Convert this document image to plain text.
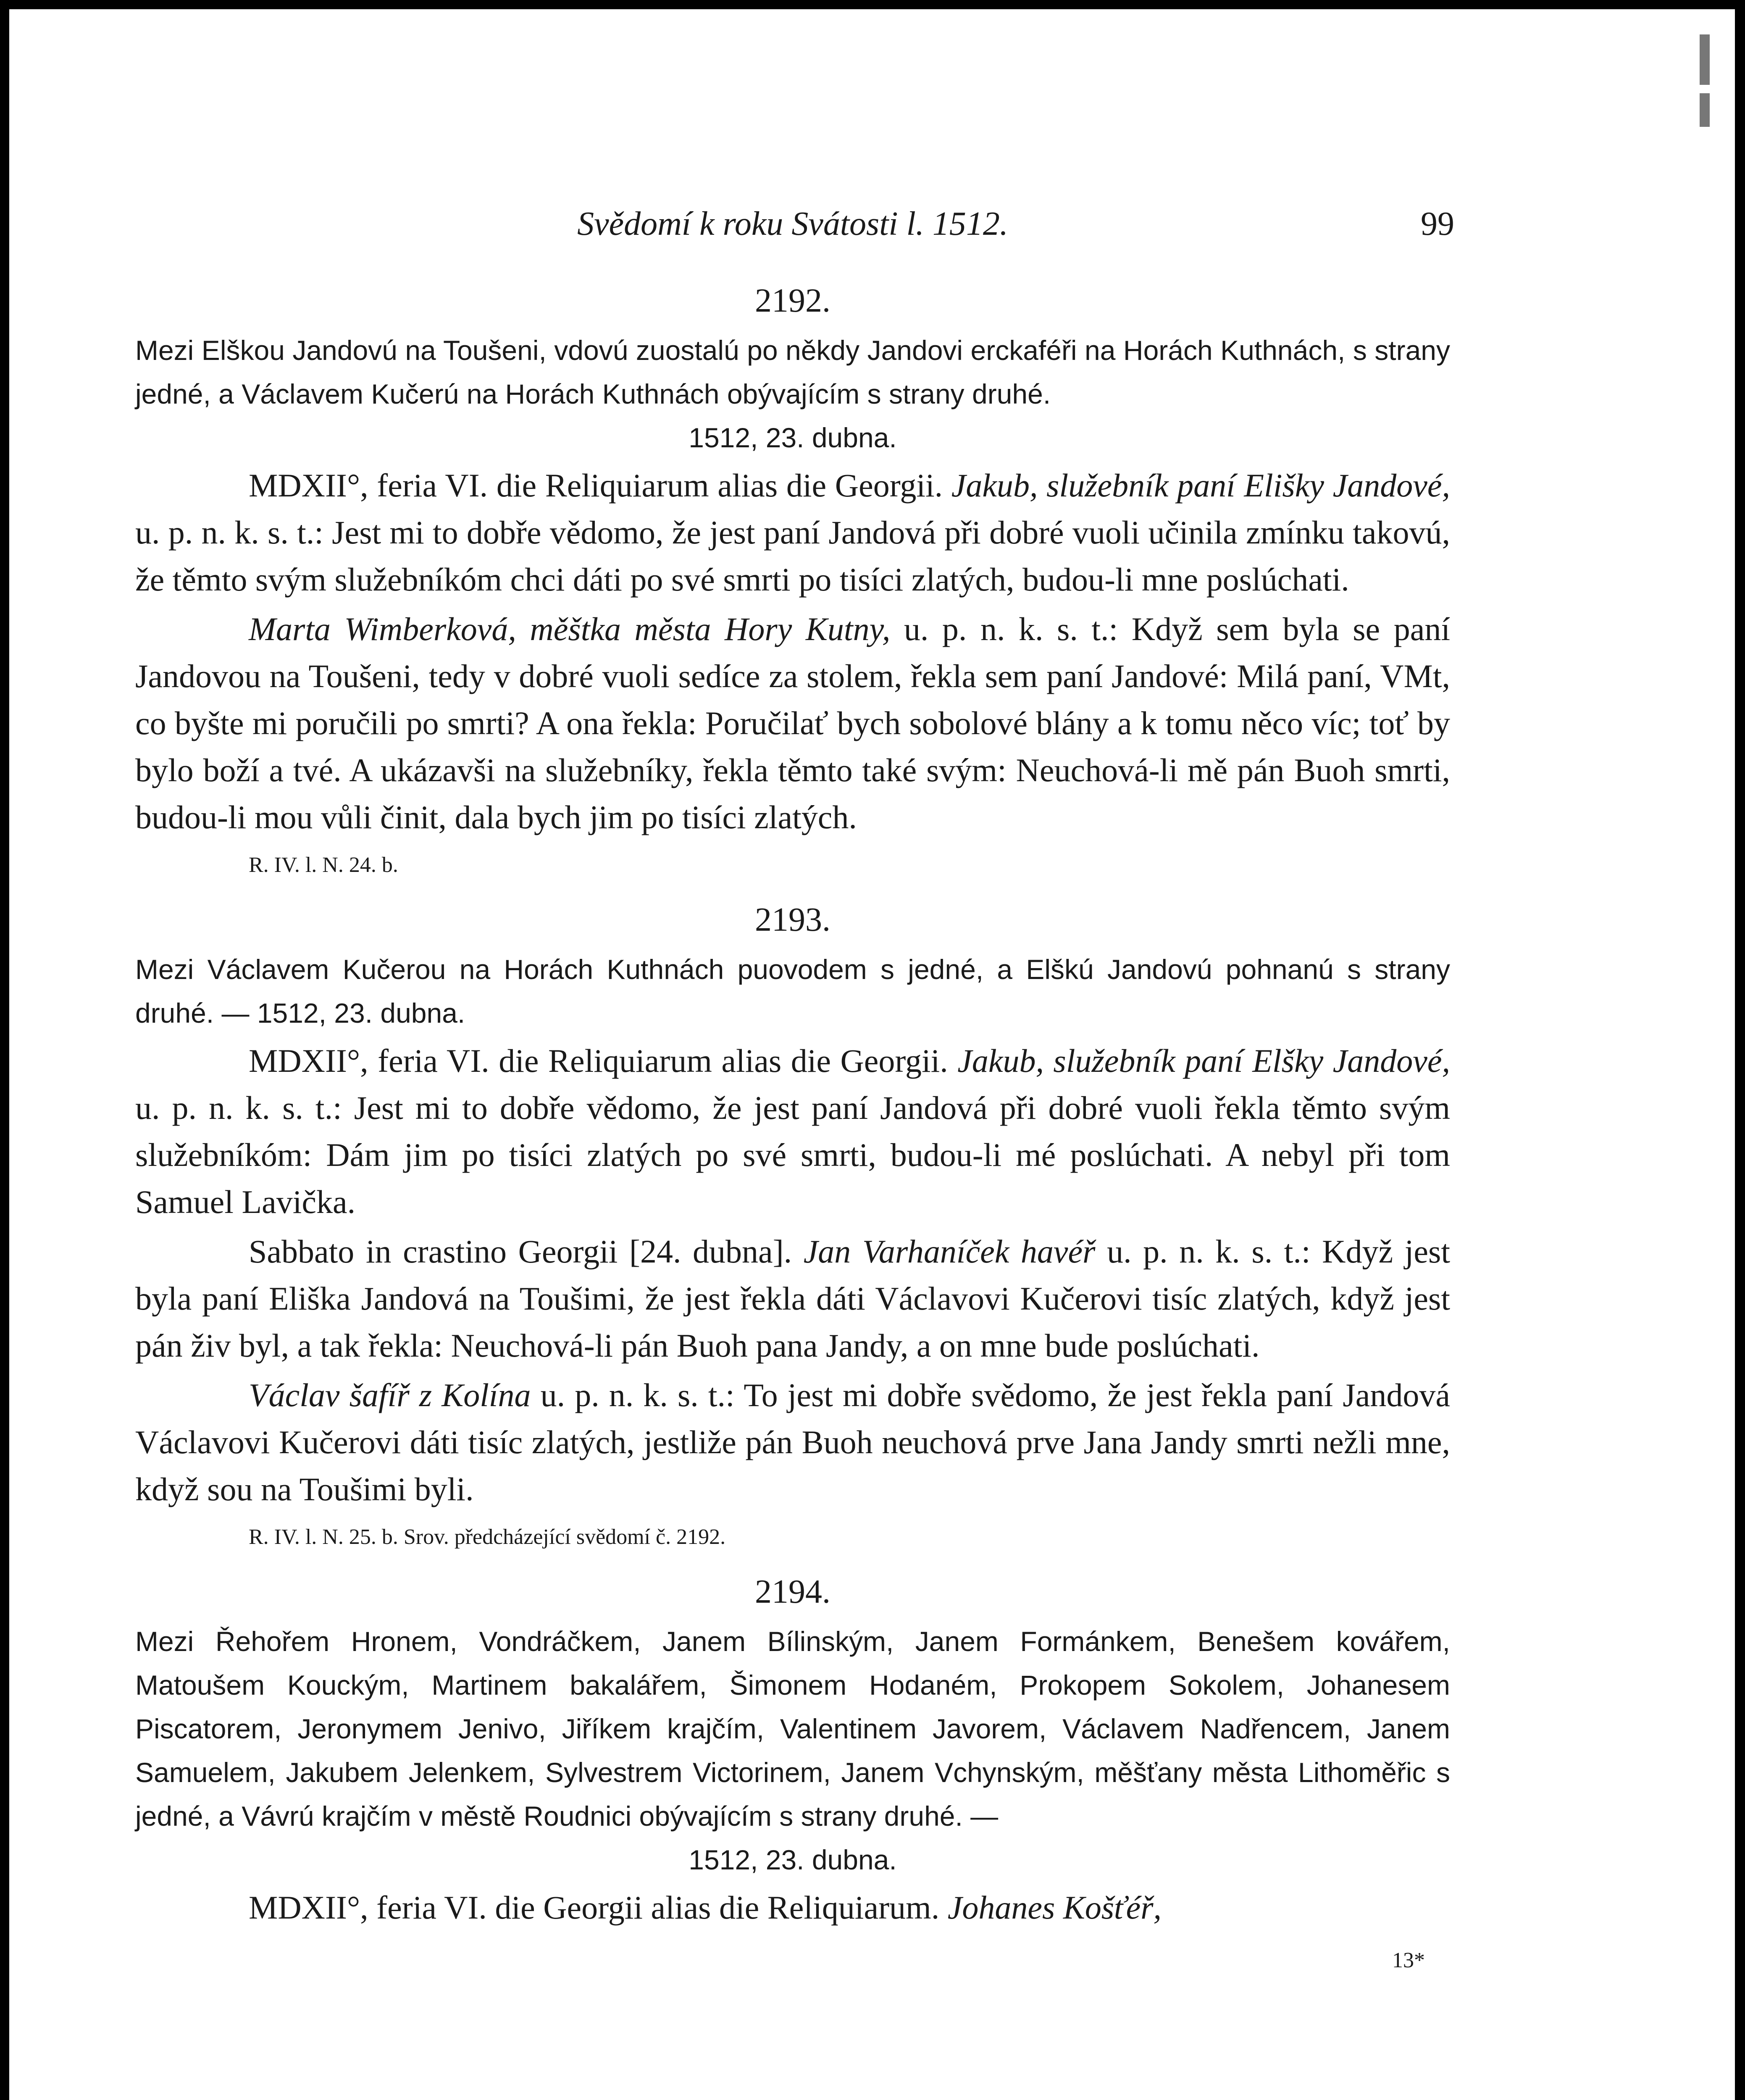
Svědomí k roku Svátosti l. 1512.	99
2192.
Mezi Elškou Jandovú na Toušeni, vdovú zuostalú po někdy Jandovi erckaféři na Horách Kuthnách, s strany jedné, a Václavem Kučerú na Horách Kuthnách obývajícím s strany druhé.
1512, 23. dubna.

MDXII°, feria VI. die Reliquiarum alias die Georgii. Jakub, služebník paní Elišky Jandové, u. p. n. k. s. t.: Jest mi to dobře vědomo, že jest paní Jandová při dobré vuoli učinila zmínku takovú, že těmto svým služebníkóm chci dáti po své smrti po tisíci zlatých, budou-li mne poslúchati.

Marta Wimberková, měštka města Hory Kutny, u. p. n. k. s. t.: Když sem byla se paní Jandovou na Toušeni, tedy v dobré vuoli sedíce za stolem, řekla sem paní Jandové: Milá paní, VMt, co byšte mi poručili po smrti? A ona řekla: Poručilať bych sobolové blány a k tomu něco víc; toť by bylo boží a tvé. A ukázavši na služebníky, řekla těmto také svým: Neuchová-li mě pán Buoh smrti, budou-li mou vůli činit, dala bych jim po tisíci zlatých.

R. IV. l. N. 24. b.
2193.
Mezi Václavem Kučerou na Horách Kuthnách puovodem s jedné, a Elškú Jandovú pohnanú s strany druhé. — 1512, 23. dubna.

MDXII°, feria VI. die Reliquiarum alias die Georgii. Jakub, služebník paní Elšky Jandové, u. p. n. k. s. t.: Jest mi to dobře vědomo, že jest paní Jandová při dobré vuoli řekla těmto svým služebníkóm: Dám jim po tisíci zlatých po své smrti, budou-li mé poslúchati. A nebyl při tom Samuel Lavička.

Sabbato in crastino Georgii [24. dubna]. Jan Varhaníček havéř u. p. n. k. s. t.: Když jest byla paní Eliška Jandová na Toušimi, že jest řekla dáti Václavovi Kučerovi tisíc zlatých, když jest pán živ byl, a tak řekla: Neuchová-li pán Buoh pana Jandy, a on mne bude poslúchati.

Václav šafíř z Kolína u. p. n. k. s. t.: To jest mi dobře svědomo, že jest řekla paní Jandová Václavovi Kučerovi dáti tisíc zlatých, jestliže pán Buoh neuchová prve Jana Jandy smrti nežli mne, když sou na Toušimi byli.

R. IV. l. N. 25. b. Srov. předcházející svědomí č. 2192.
2194.
Mezi Řehořem Hronem, Vondráčkem, Janem Bílinským, Janem Formánkem, Benešem kovářem, Matoušem Kouckým, Martinem bakalářem, Šimonem Hodaném, Prokopem Sokolem, Johanesem Piscatorem, Jeronymem Jenivo, Jiříkem krajčím, Valentinem Javorem, Václavem Nadřencem, Janem Samuelem, Jakubem Jelenkem, Sylvestrem Victorinem, Janem Vchynským, měšťany města Lithoměřic s jedné, a Vávrú krajčím v městě Roudnici obývajícím s strany druhé. —
1512, 23. dubna.

MDXII°, feria VI. die Georgii alias die Reliquiarum. Johanes Košťéř,

13*
